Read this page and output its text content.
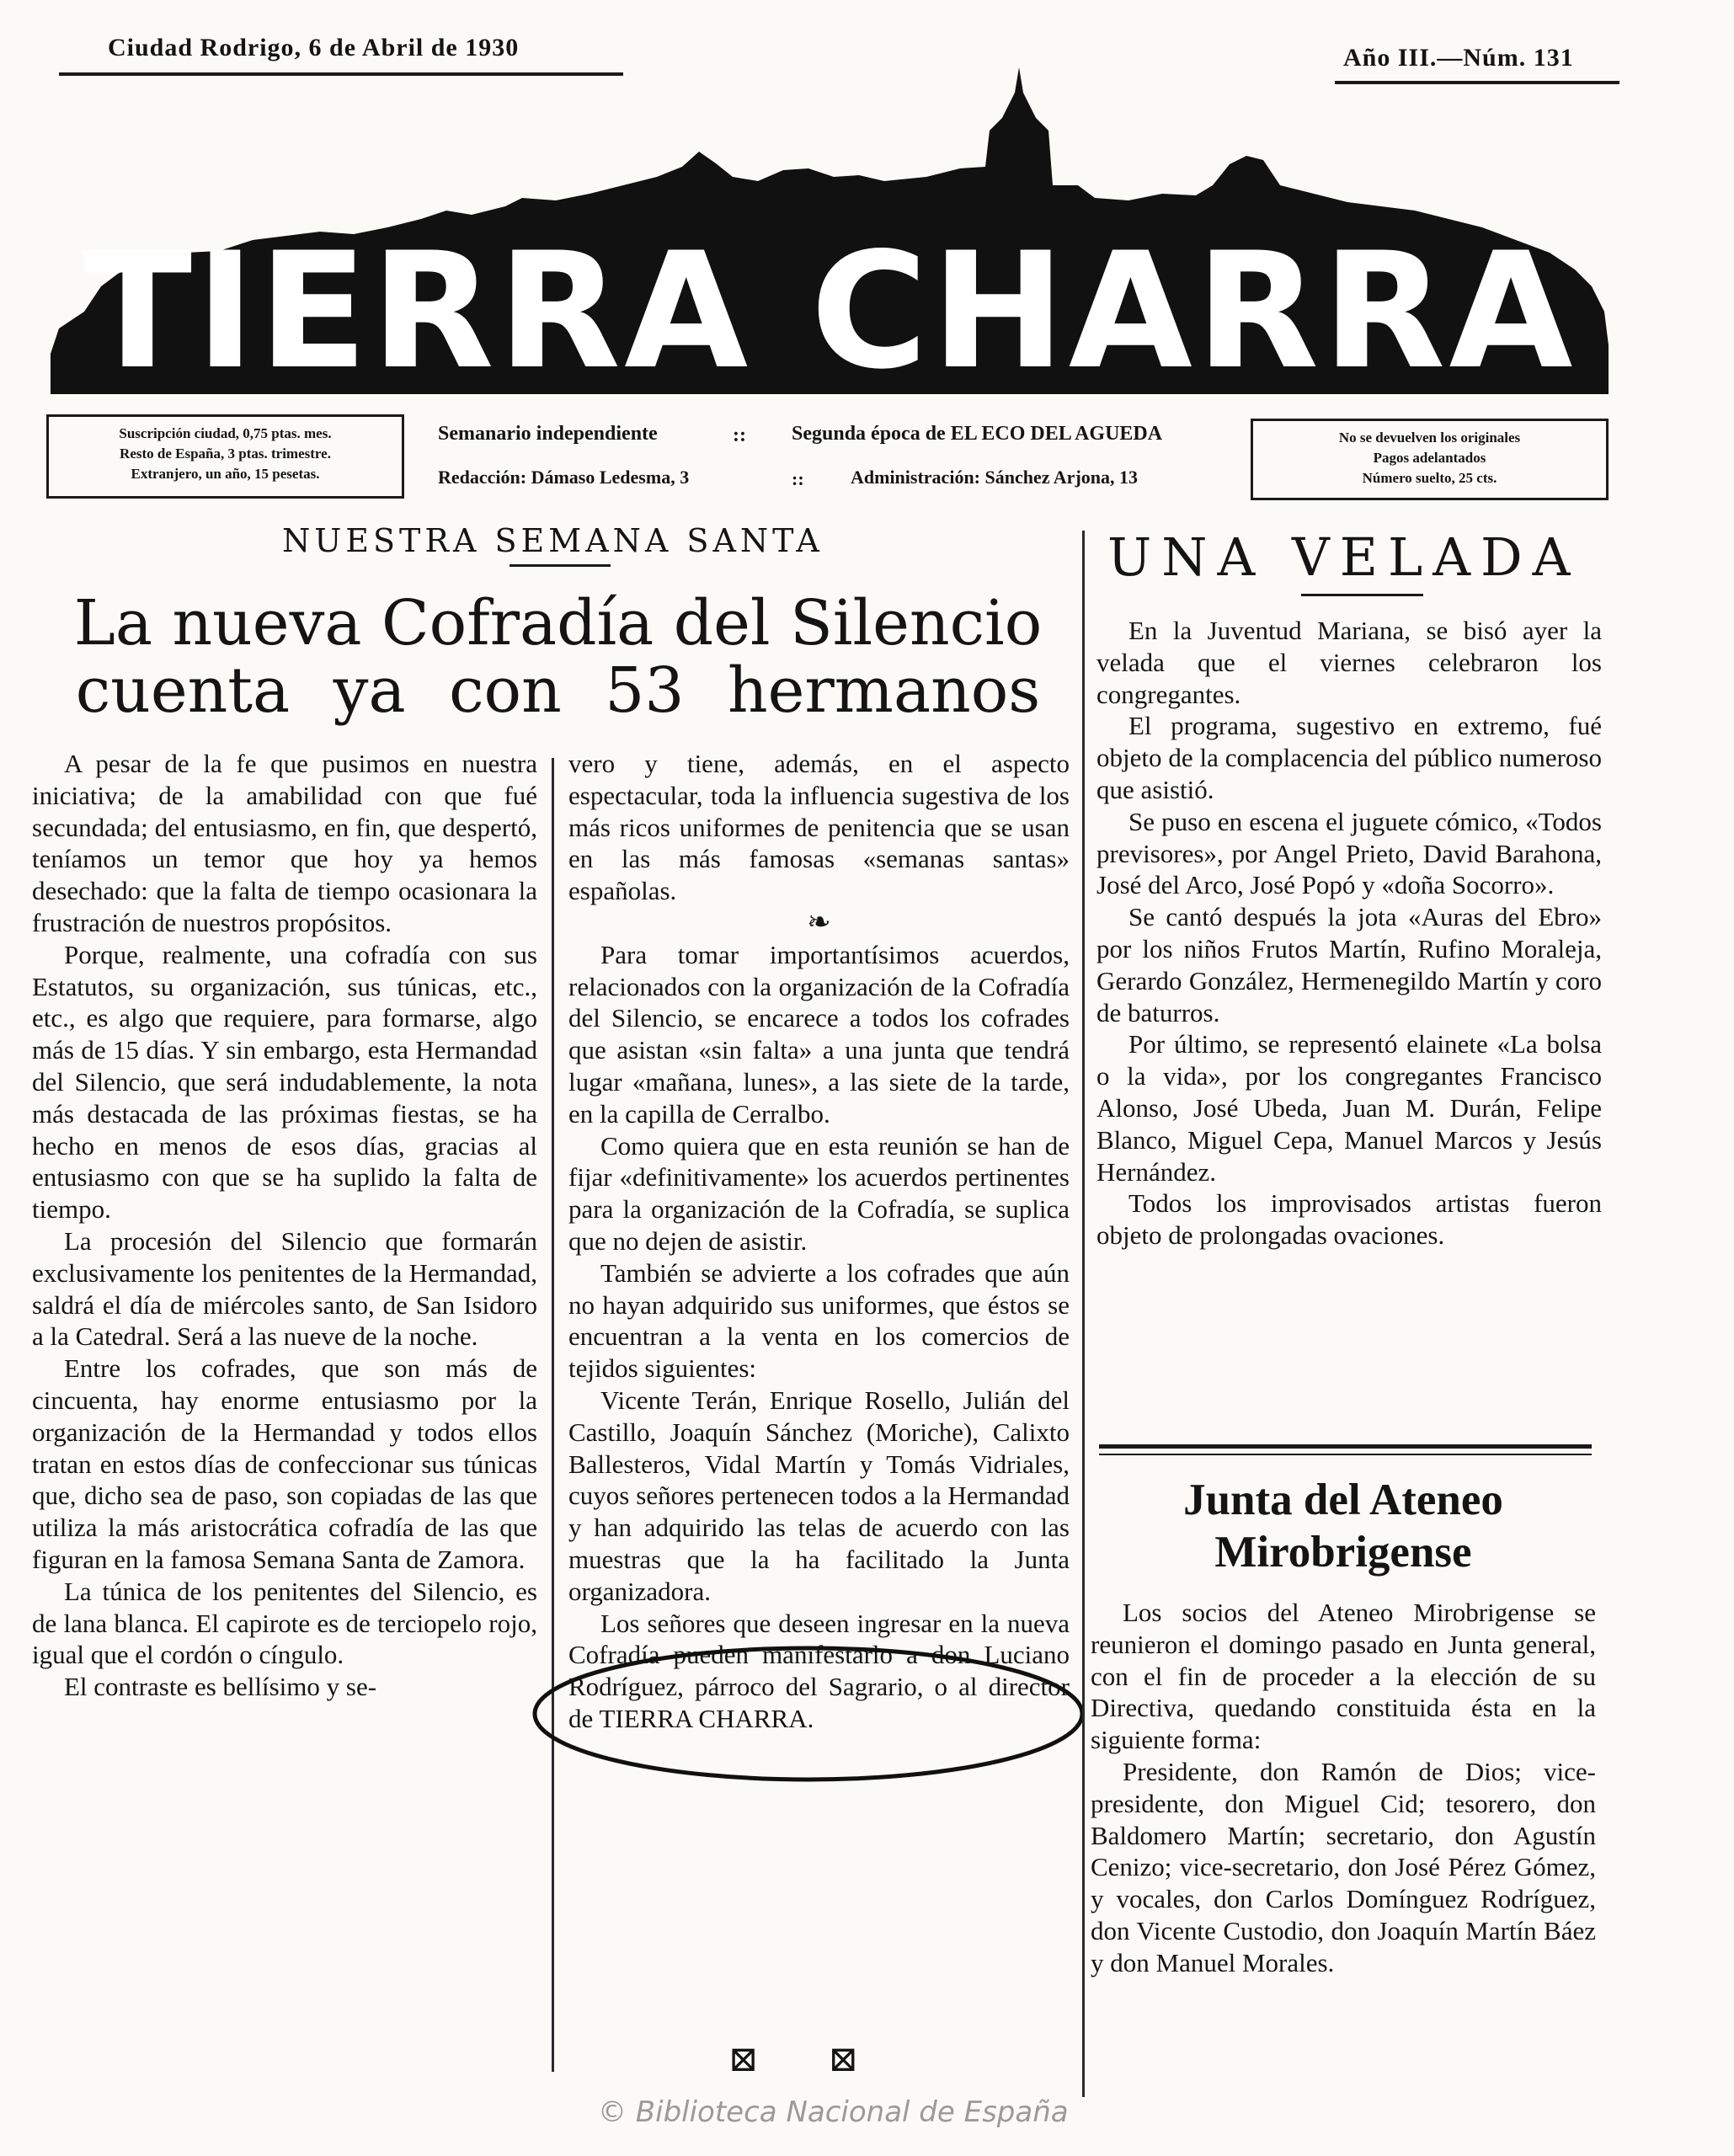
Ciudad Rodrigo, 6 de Abril de 1930	Año III.—Núm. 131
TIERRA CHARRA
Suscripción ciudad, 0,75 ptas. mes.
Resto de España, 3 ptas. trimestre.
Extranjero, un año, 15 pesetas.
Semanario independiente	:: Segunda época de EL ECO DEL AGUEDA
Redacción: Dámaso Ledesma, 3	::	Administración: Sánchez Arjona, 13
No se devuelven los originales
Pagos adelantados
Número suelto, 25 cts.
NUESTRA SEMANA SANTA
La nueva Cofradía del Silencio
cuenta ya con 53 hermanos

A pesar de la fe que pusimos en nuestra iniciativa; de la amabilidad con que fué secundada; del entusiasmo, en fin, que despertó, teníamos un temor que hoy ya hemos desechado: que la falta de tiempo ocasionara la frustración de nuestros propósitos.

Porque, realmente, una cofradía con sus Estatutos, su organización, sus túnicas, etc., etc., es algo que requiere, para formarse, algo más de 15 días. Y sin embargo, esta Hermandad del Silencio, que será indudablemente, la nota más destacada de las próximas fiestas, se ha hecho en menos de esos días, gracias al entusiasmo con que se ha suplido la falta de tiempo.

La procesión del Silencio que formarán exclusivamente los penitentes de la Hermandad, saldrá el día de miércoles santo, de San Isidoro a la Catedral. Será a las nueve de la noche.

Entre los cofrades, que son más de cincuenta, hay enorme entusiasmo por la organización de la Hermandad y todos ellos tratan en estos días de confeccionar sus túnicas que, dicho sea de paso, son copiadas de las que utiliza la más aristocrática cofradía de las que figuran en la famosa Semana Santa de Zamora.

La túnica de los penitentes del Silencio, es de lana blanca. El capirote es de terciopelo rojo, igual que el cordón o cíngulo.

El contraste es bellísimo y se-

vero y tiene, además, en el aspecto espectacular, toda la influencia sugestiva de los más ricos uniformes de penitencia que se usan en las más famosas «semanas santas» españolas.

❧

Para tomar importantísimos acuerdos, relacionados con la organización de la Cofradía del Silencio, se encarece a todos los cofrades que asistan «sin falta» a una junta que tendrá lugar «mañana, lunes», a las siete de la tarde, en la capilla de Cerralbo.

Como quiera que en esta reunión se han de fijar «definitivamente» los acuerdos pertinentes para la organización de la Cofradía, se suplica que no dejen de asistir.

También se advierte a los cofrades que aún no hayan adquirido sus uniformes, que éstos se encuentran a la venta en los comercios de tejidos siguientes:

Vicente Terán, Enrique Rosello, Julián del Castillo, Joaquín Sánchez (Moriche), Calixto Ballesteros, Vidal Martín y Tomás Vidriales, cuyos señores pertenecen todos a la Hermandad y han adquirido las telas de acuerdo con las muestras que la ha facilitado la Junta organizadora.

Los señores que deseen ingresar en la nueva Cofradía pueden manifestarlo a don Luciano Rodríguez, párroco del Sagrario, o al director de TIERRA CHARRA.

⊠ ⊠
UNA VELADA

En la Juventud Mariana, se bisó ayer la velada que el viernes celebraron los congregantes.

El programa, sugestivo en extremo, fué objeto de la complacencia del público numeroso que asistió.

Se puso en escena el juguete cómico, «Todos previsores», por Angel Prieto, David Barahona, José del Arco, José Popó y «doña Socorro».

Se cantó después la jota «Auras del Ebro» por los niños Frutos Martín, Rufino Moraleja, Gerardo González, Hermenegildo Martín y coro de baturros.

Por último, se representó elainete «La bolsa o la vida», por los congregantes Francisco Alonso, José Ubeda, Juan M. Durán, Felipe Blanco, Miguel Cepa, Manuel Marcos y Jesús Hernández.

Todos los improvisados artistas fueron objeto de prolongadas ovaciones.

Junta del Ateneo
Mirobrigense

Los socios del Ateneo Mirobrigense se reunieron el domingo pasado en Junta general, con el fin de proceder a la elección de su Directiva, quedando constituida ésta en la siguiente forma:

Presidente, don Ramón de Dios; vice-presidente, don Miguel Cid; tesorero, don Baldomero Martín; secretario, don Agustín Cenizo; vice-secretario, don José Pérez Gómez, y vocales, don Carlos Domínguez Rodríguez, don Vicente Custodio, don Joaquín Martín Báez y don Manuel Morales.

© Biblioteca Nacional de España
